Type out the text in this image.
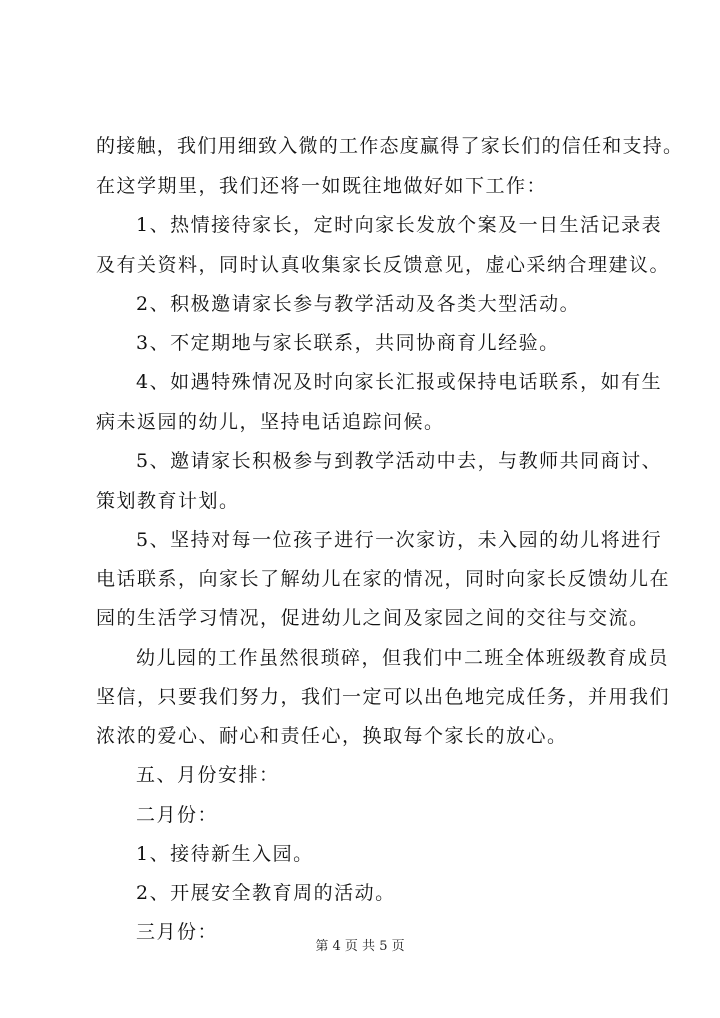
的接触，我们用细致入微的工作态度赢得了家长们的信任和支持。
在这学期里，我们还将一如既往地做好如下工作：
1、热情接待家长，定时向家长发放个案及一日生活记录表
及有关资料，同时认真收集家长反馈意见，虚心采纳合理建议。
2、积极邀请家长参与教学活动及各类大型活动。
3、不定期地与家长联系，共同协商育儿经验。
4、如遇特殊情况及时向家长汇报或保持电话联系，如有生
病未返园的幼儿，坚持电话追踪问候。
5、邀请家长积极参与到教学活动中去，与教师共同商讨、
策划教育计划。
5、坚持对每一位孩子进行一次家访，未入园的幼儿将进行
电话联系，向家长了解幼儿在家的情况，同时向家长反馈幼儿在
园的生活学习情况，促进幼儿之间及家园之间的交往与交流。
幼儿园的工作虽然很琐碎，但我们中二班全体班级教育成员
坚信，只要我们努力，我们一定可以出色地完成任务，并用我们
浓浓的爱心、耐心和责任心，换取每个家长的放心。
五、月份安排：
二月份：
1、接待新生入园。
2、开展安全教育周的活动。
三月份：
第 4 页 共 5 页
